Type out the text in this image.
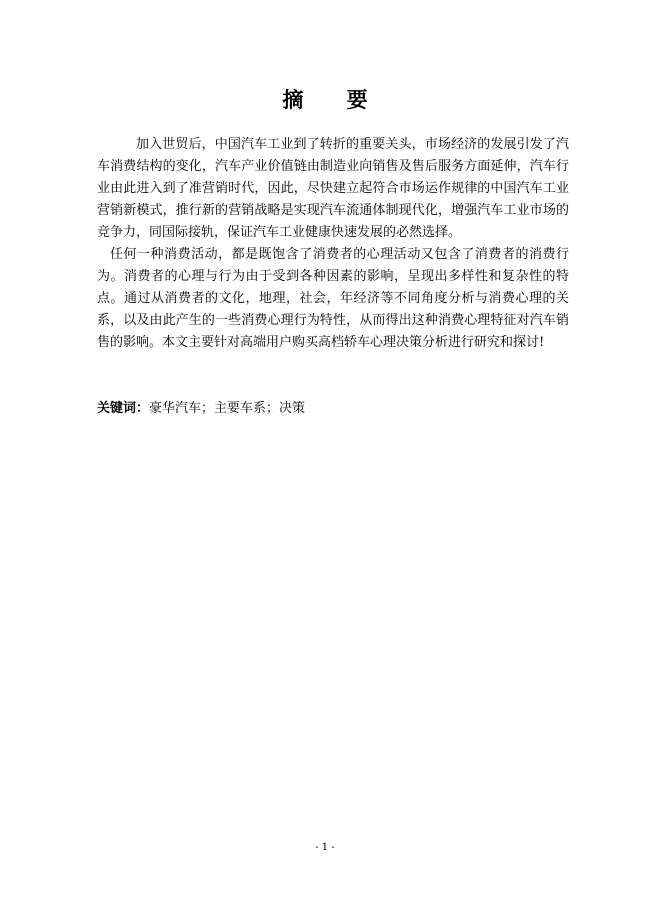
摘 要

加入世贸后，中国汽车工业到了转折的重要关头，市场经济的发展引发了汽车消费结构的变化，汽车产业价值链由制造业向销售及售后服务方面延伸，汽车行业由此进入到了准营销时代，因此，尽快建立起符合市场运作规律的中国汽车工业营销新模式，推行新的营销战略是实现汽车流通体制现代化，增强汽车工业市场的竞争力，同国际接轨，保证汽车工业健康快速发展的必然选择。

任何一种消费活动，都是既饱含了消费者的心理活动又包含了消费者的消费行为。消费者的心理与行为由于受到各种因素的影响，呈现出多样性和复杂性的特点。通过从消费者的文化，地理，社会，年经济等不同角度分析与消费心理的关系，以及由此产生的一些消费心理行为特性，从而得出这种消费心理特征对汽车销售的影响。本文主要针对高端用户购买高档轿车心理决策分析进行研究和探讨!

关键词：豪华汽车；主要车系；决策
- 1 -
